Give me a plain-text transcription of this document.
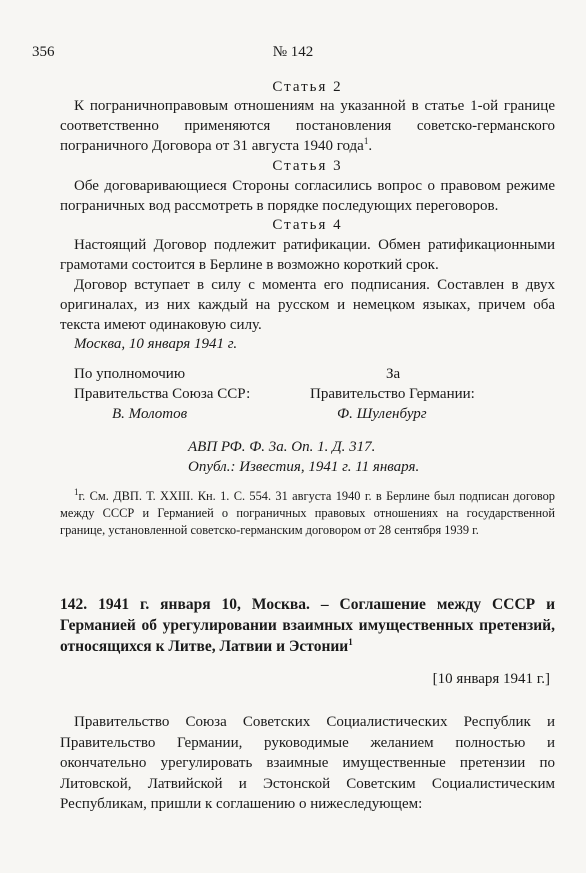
356	№ 142
Статья 2
К пограничноправовым отношениям на указанной в статье 1-ой границе соответственно применяются постановления советско-германского пограничного Договора от 31 августа 1940 года$^1$.
Статья 3
Обе договаривающиеся Стороны согласились вопрос о правовом режиме пограничных вод рассмотреть в порядке последующих переговоров.
Статья 4
Настоящий Договор подлежит ратификации. Обмен ратификационными грамотами состоится в Берлине в возможно короткий срок.
Договор вступает в силу с момента его подписания. Составлен в двух оригиналах, из них каждый на русском и немецком языках, причем оба текста имеют одинаковую силу.
Москва, 10 января 1941 г.
По уполномочию
Правительства Союза ССР:
В. Молотов
За
Правительство Германии:
Ф. Шуленбург
АВП РФ. Ф. 3а. Оп. 1. Д. 317.
Опубл.: Известия, 1941 г. 11 января.
$^1$г. См. ДВП. Т. XXIII. Кн. 1. С. 554. 31 августа 1940 г. в Берлине был подписан договор между СССР и Германией о пограничных правовых отношениях на государственной границе, установленной советско-германским договором от 28 сентября 1939 г.
142. 1941 г. января 10, Москва. – Соглашение между СССР и Германией об урегулировании взаимных имущественных претензий, относящихся к Литве, Латвии и Эстонии$^1$
[10 января 1941 г.]
Правительство Союза Советских Социалистических Республик и Правительство Германии, руководимые желанием полностью и окончательно урегулировать взаимные имущественные претензии по Литовской, Латвийской и Эстонской Советским Социалистическим Республикам, пришли к соглашению о нижеследующем:
